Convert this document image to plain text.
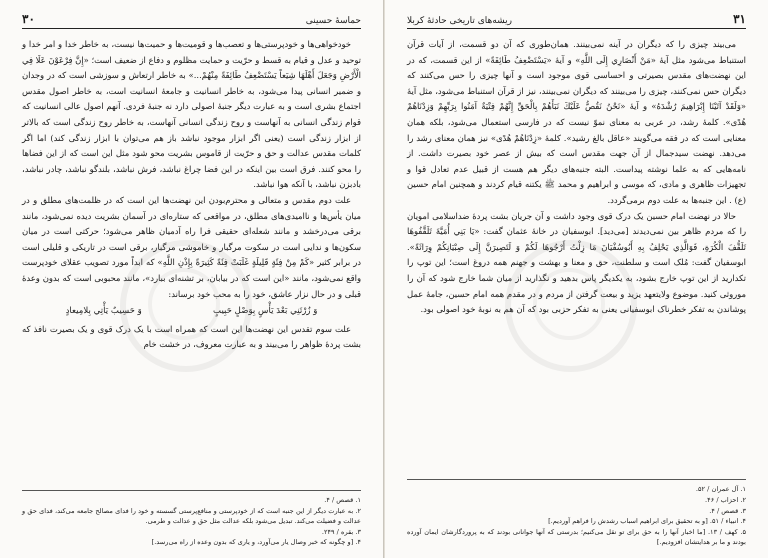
حماسهٔ حسینی
۳۰

خودخواهی‌ها و خودپرستی‌ها و تعصب‌ها و قومیت‌ها و حمیت‌ها نیست، به خاطر خدا و امر خدا و توحید و عدل و قیام به قسط و حرّیت و حمایت مظلوم و دفاع از ضعیف است؛ «إِنَّ فِرْعَوْنَ عَلَا فِي الْأَرْضِ وَجَعَلَ أَهْلَهَا شِيَعاً يَسْتَضْعِفُ طَائِفَةً مِنْهُمْ...» به خاطر ارتعاش و سوزشی است که در وجدان و ضمیر انسانی پیدا می‌شود، به خاطر انسانیت و جامعهٔ انسانیت است، به خاطر اصول مقدس اجتماع بشری است و به عبارت دیگر جنبهٔ اصولی دارد نه جنبهٔ فردی. آنهم اصول عالی انسانیت که قوام زندگی انسانی به آنهاست و روح زندگی انسانی آنهاست، به خاطر روح زندگی است که بالاتر از ابزار زندگی است (یعنی اگر ابزار موجود نباشد باز هم می‌توان با ابزار زندگی کند) اما اگر کلمات مقدس عدالت و حق و حرّیت از قاموس بشریت محو شود مثل این است که از این فضاها را محو کنند. فرق است بین اینکه در این فضا چراغ نباشد، فرش نباشد، بلندگو نباشد، چادر نباشد، بادبزن نباشد، با آنکه هوا نباشد.

علت دوم مقدس و متعالی و محترم‌بودن این نهضت‌ها این است که در ظلمت‌های مطلق و در میان یأس‌ها و ناامیدی‌های مطلق، در مواقعی که ستاره‌ای در آسمان بشریت دیده نمی‌شود، مانند برقی می‌درخشد و مانند شعله‌ای حقیقی فرا راه آدمیان ظاهر می‌شود؛ حرکتی است در میان سکون‌ها و ندایی است در سکوت مرگبار و خاموشی مرگبار، برقی است در تاریکی و قلیلی است در برابر کثیر «کَمْ مِنْ فِئَةٍ قَلِيلَةٍ غَلَبَتْ فِئَةً كَثِيرَةً بِإِذْنِ اللَّهِ» که ابداً مورد تصویب عقلای خودپرست واقع نمی‌شود، مانند «این است که در بیابان، بر تشنه‌ای ببارد»، مانند محبوبی است که بدون وعدهٔ قبلی و در حال نزار عاشق، خود را به محب خود برساند:

وَ زُرْتَنِي بَعْدَ يَأْسٍ بِوَصْلٍ حَبِيبٍ
وَ حَسِيبٌ يَأْتِي بِلامِيعادٍ

علت سوم تقدس این نهضت‌ها این است که همراه است با یک درک قوی و یک بصیرت نافذ که بشت پردهٔ ظواهر را می‌بیند و به عبارت معروف، در خشت خام

۱. قصص / ۴.
۲. به عبارت دیگر از این جنبه است که از خودپرستی و منافع‌پرستی گسسته و خود را فدای مصالح جامعه می‌کند، فدای حق و عدالت و فضیلت می‌کند. تبدیل می‌شود بلکه عدالت مثل حق و عدالت و طرمی.
۳. بقره / ۲۴۹.
۴. [و چگونه که خبر وصال یار می‌آورد، و یاری که بدون وعده از راه می‌رسد.]
۳۱
ریشه‌های تاریخی حادثهٔ کربلا

می‌بیند چیزی را که دیگران در آینه نمی‌بینند. همان‌طوری که آن دو قسمت، از آیات قرآن استنباط می‌شود مثل آیهٔ «مَنْ أَنْصَارِي إِلَى اللَّهِ» و آیهٔ «يَسْتَضْعِفُ طَائِفَةً» از این قسمت، که در این نهضت‌های مقدس بصیرتی و احساسی قوی موجود است و آنها چیزی را حس می‌کنند که دیگران حس نمی‌کنند، چیزی را می‌بینند که دیگران نمی‌بینند، نیز از قرآن استنباط می‌شود، مثل آیهٔ «وَلَقَدْ آتَيْنَا إِبْرَاهِيمَ رُشْدَهُ» و آیهٔ «نَحْنُ نَقُصُّ عَلَيْكَ نَبَأَهُمْ بِالْحَقِّ إِنَّهُمْ فِتْيَةٌ آمَنُوا بِرَبِّهِمْ وَزِدْنَاهُمْ هُدًى». کلمهٔ رشد، در عربی به معنای نموّ نیست که در فارسی استعمال می‌شود، بلکه همان معنایی است که در فقه می‌گویند «عاقل بالغ رشید». کلمهٔ «زِدْنَاهُمْ هُدًى» نیز همان معنای رشد را می‌دهد. نهضت سیدجمال از آن جهت مقدس است که بیش از عصر خود بصیرت داشت. از نامه‌هایی که به علما نوشته پیداست. البته جنبه‌های دیگر هم هست از قبیل عدم تعادل قوا و تجهیزات ظاهری و مادی، که موسی و ابراهیم و محمد ﷺ یکتنه قیام کردند و همچنین امام حسین (ع) . این جنبه‌ها به علت دوم برمی‌گردد.

حالا در نهضت امام حسین یک درک قوی وجود داشت و آن جریان بشت پردهٔ ضداسلامی امویان را که مردم ظاهر بین نمی‌دیدند [می‌دید]. ابوسفیان در خانهٔ عثمان گفت: «يَا بَنِي أُمَيَّةَ تَلَقَّفُوهَا تَلَقُّفَ الْكُرَةِ، فَوَالَّذِي يَحْلِفُ بِهِ أَبُوسُفْيَانَ مَا زِلْتُ أَرْجُوهَا لَكُمْ وَ لَتَصِيرَنَّ إِلَى صِبْيَانِكُمْ وِرَاثَةً». ابوسفیان گفت: مُلک است و سلطنت، حق و معنا و بهشت و جهنم همه دروغ است؛ این توپ را تکدارید از این توپ خارج بشود، به یکدیگر پاس بدهید و نگذارید از میان شما خارج شود که آن را موروثی کنید. موضوع ولایتعهد یزید و بیعت گرفتن از مردم و در مقدم همه امام حسین، جامهٔ عمل پوشاندن به تفکر خطرناک ابوسفیانی یعنی به تفکر حزبی بود که آن هم به نوبهٔ خود اصولی بود.

۱. آل عمران / ۵۲.
۲. احزاب / ۴۶.
۳. قصص / ۴.
۴. انبیاء / ۵۱. [و به تحقیق برای ابراهیم اسباب رشدش را فراهم آوردیم.]
۵. کهف / ۱۳. [ما اخبار آنها را به حق برای تو نقل می‌کنیم؛ بدرستی که آنها جوانانی بودند که به پروردگارشان ایمان آورده بودند و ما بر هدایتشان افزودیم.]
